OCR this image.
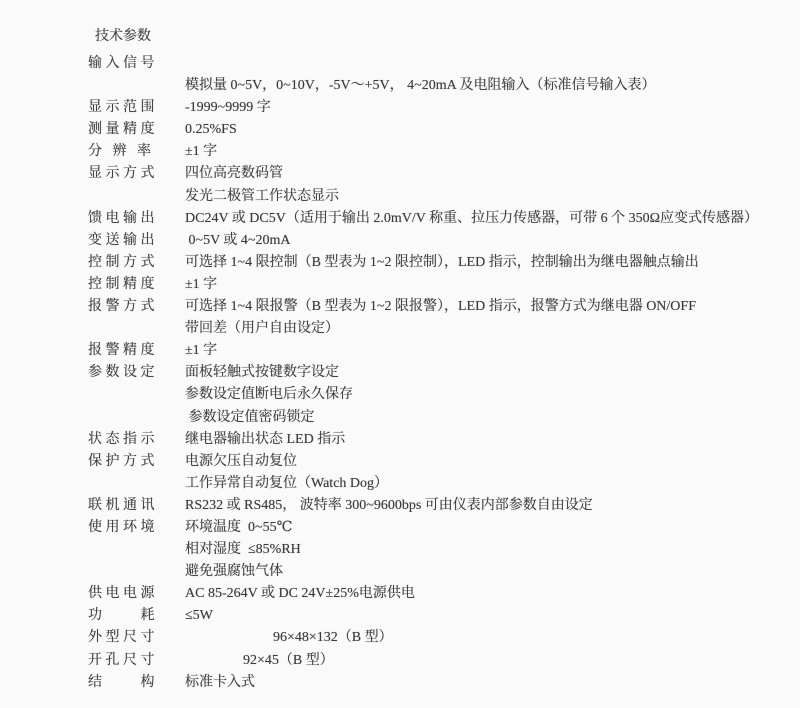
技术参数
输入信号
模拟量 0~5V，0~10V，-5V～+5V， 4~20mA 及电阻输入（标准信号输入表）
显示范围	-1999~9999 字
测量精度	0.25%FS
分 辨 率	±1 字
显示方式	四位高亮数码管
发光二极管工作状态显示
馈电输出	DC24V 或 DC5V（适用于输出 2.0mV/V 称重、拉压力传感器，可带 6 个 350Ω应变式传感器）
变送输出	0~5V 或 4~20mA
控制方式	可选择 1~4 限控制（B 型表为 1~2 限控制），LED 指示，控制输出为继电器触点输出
控制精度	±1 字
报警方式	可选择 1~4 限报警（B 型表为 1~2 限报警），LED 指示，报警方式为继电器 ON/OFF
带回差（用户自由设定）
报警精度	±1 字
参数设定	面板轻触式按键数字设定
参数设定值断电后永久保存
参数设定值密码锁定
状态指示	继电器输出状态 LED 指示
保护方式	电源欠压自动复位
工作异常自动复位（Watch Dog）
联机通讯	RS232 或 RS485， 波特率 300~9600bps 可由仪表内部参数自由设定
使用环境	环境温度  0~55℃
相对湿度  ≤85%RH
避免强腐蚀气体
供电电源	AC 85-264V 或 DC 24V±25%电源供电
功　　耗	≤5W
外型尺寸	96×48×132（B 型）
开孔尺寸	92×45（B 型）
结　　构	标准卡入式
